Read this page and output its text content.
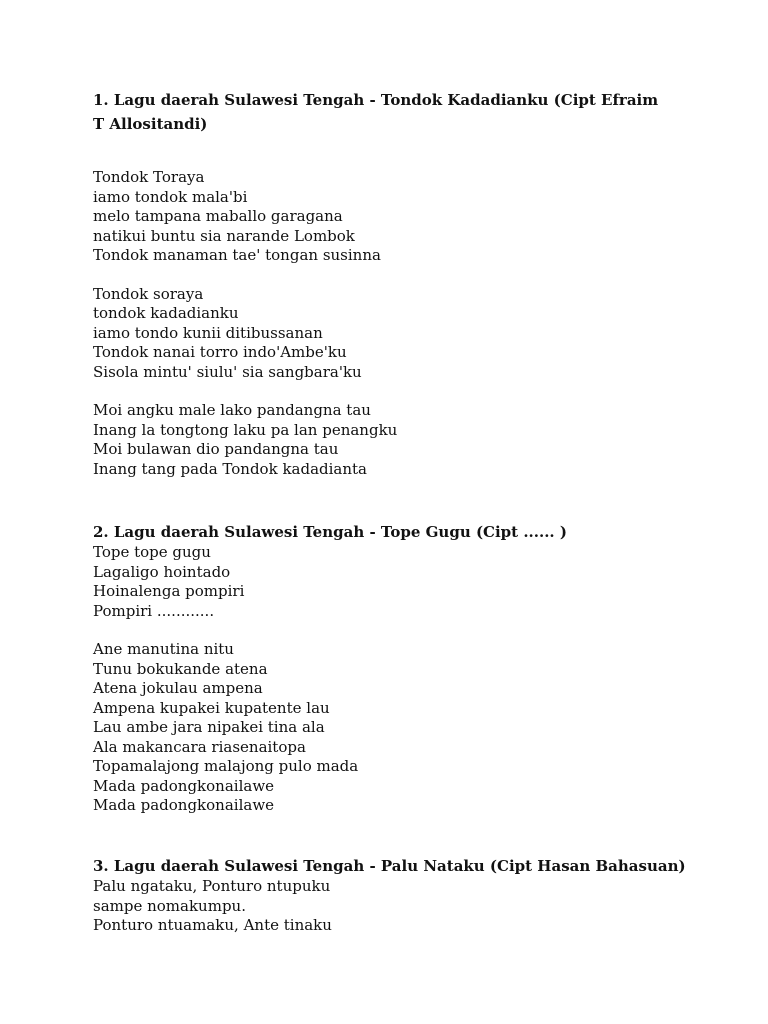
1. Lagu daerah Sulawesi Tengah - Tondok Kadadianku (Cipt Efraim T Allositandi)

Tondok Toraya
iamo tondok mala'bi
melo tampana maballo garagana
natikui buntu sia narande Lombok
Tondok manaman tae' tongan susinna
Tondok soraya
tondok kadadianku
iamo tondo kunii ditibussanan
Tondok nanai torro indo'Ambe'ku
Sisola mintu' siulu' sia sangbara'ku
Moi angku male lako pandangna tau
Inang la tongtong laku pa lan penangku
Moi bulawan dio pandangna tau
Inang tang pada Tondok kadadianta

2. Lagu daerah Sulawesi Tengah - Tope Gugu (Cipt ...... )

Tope tope gugu
Lagaligo hointado
Hoinalenga pompiri
Pompiri ............
Ane manutina nitu
Tunu bokukande atena
Atena jokulau ampena
Ampena kupakei kupatente lau
Lau ambe jara nipakei tina ala
Ala makancara riasenaitopa
Topamalajong malajong pulo mada
Mada padongkonailawe
Mada padongkonailawe

3. Lagu daerah Sulawesi Tengah - Palu Nataku (Cipt Hasan Bahasuan)

Palu ngataku, Ponturo ntupuku
sampe nomakumpu.
Ponturo ntuamaku, Ante tinaku
